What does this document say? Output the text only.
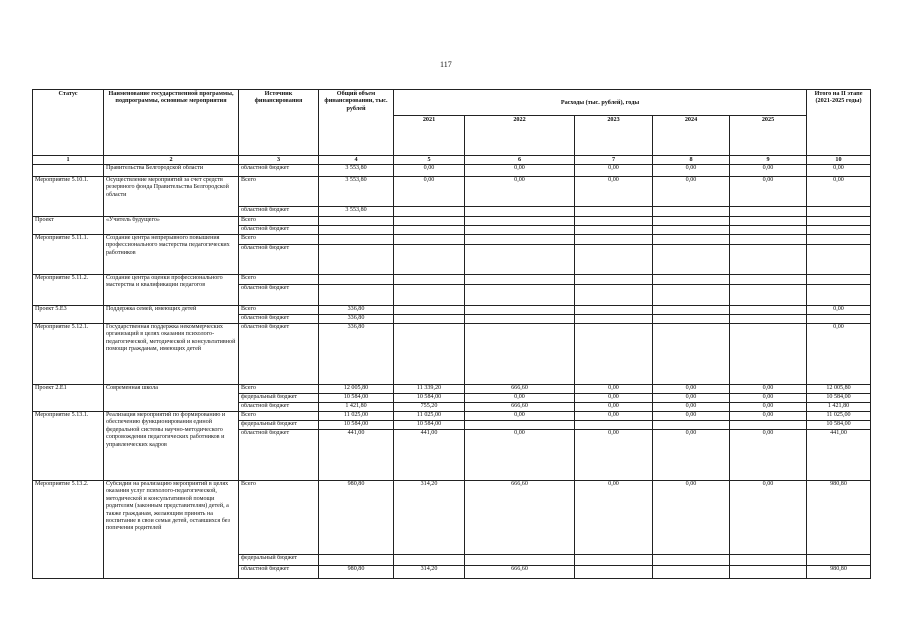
117
Статус	Наименование государственной программы, подпрограммы, основные мероприятия	Источник финансирования	Общий объем финансировании, тыс. рублей	Расходы (тыс. рублей), годы					Итого на II этапе (2021-2025 годы)
				2021	2022	2023	2024	2025	
1	2	3	4	5	6	7	8	9	10
	Правительства Белгородской области	областной бюджет	3 553,80	0,00	0,00	0,00	0,00	0,00	0,00
Мероприятие 5.10.1.	Осуществление мероприятий за счет средств резервного фонда Правительства Белгородской области	Всего	3 553,80	0,00	0,00	0,00	0,00	0,00	0,00
		областной бюджет	3 553,80						
Проект	«Учитель будущего»	Всего							
		областной бюджет							
Мероприятие 5.11.1.	Создание центра непрерывного повышения профессионального мастерства педагогических работников	Всего							
		областной бюджет							
Мероприятие 5.11.2.	Создание центра оценки профессионального мастерства и квалификации педагогов	Всего							
		областной бюджет							
Проект 5.Е3	Поддержка семей, имеющих детей	Всего	336,80						0,00
		областной бюджет	336,80						
Мероприятие 5.12.1.	Государственная поддержка некоммерческих организаций в целях оказания психолого-педагогической, методической и консультативной помощи гражданам, имеющих детей	областной бюджет	336,80						0,00
Проект 2.Е1	Современная школа	Всего	12 005,80	11 339,20	666,60	0,00	0,00	0,00	12 005,80
		федеральный бюджет	10 584,00	10 584,00	0,00	0,00	0,00	0,00	10 584,00
		областной бюджет	1 421,80	755,20	666,60	0,00	0,00	0,00	1 421,80
Мероприятие 5.13.1.	Реализация мероприятий по формированию и обеспечению функционирования единой федеральной системы научно-методического сопровождения педагогических работников и управленческих кадров	Всего	11 025,00	11 025,00	0,00	0,00	0,00	0,00	11 025,00
		федеральный бюджет	10 584,00	10 584,00					10 584,00
		областной бюджет	441,00	441,00	0,00	0,00	0,00	0,00	441,00
Мероприятие 5.13.2.	Субсидии на реализацию мероприятий в целях оказания услуг психолого-педагогической, методической и консультативной помощи родителям (законным представителям) детей, а также гражданам, желающим принять на воспитание в свои семьи детей, оставшихся без попечения родителей	Всего	980,80	314,20	666,60	0,00	0,00	0,00	980,80
		федеральный бюджет							
		областной бюджет	980,80	314,20	666,60				980,80
